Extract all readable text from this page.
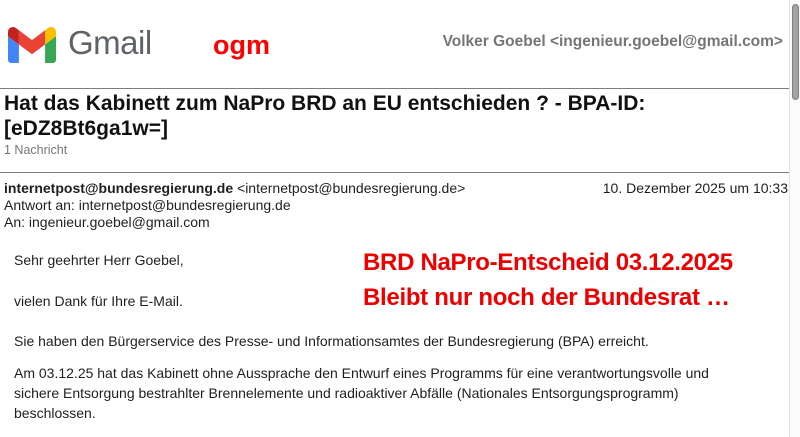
Gmail ogm	Volker Goebel <ingenieur.goebel@gmail.com>
Hat das Kabinett zum NaPro BRD an EU entschieden ? - BPA-ID: [eDZ8Bt6ga1w=]
1 Nachricht
internetpost@bundesregierung.de <internetpost@bundesregierung.de>
Antwort an: internetpost@bundesregierung.de
An: ingenieur.goebel@gmail.com
10. Dezember 2025 um 10:33

Sehr geehrter Herr Goebel,

vielen Dank für Ihre E-Mail.

Sie haben den Bürgerservice des Presse- und Informationsamtes der Bundesregierung (BPA) erreicht.

Am 03.12.25 hat das Kabinett ohne Aussprache den Entwurf eines Programms für eine verantwortungsvolle und sichere Entsorgung bestrahlter Brennelemente und radioaktiver Abfälle (Nationales Entsorgungsprogramm) beschlossen.

BRD NaPro-Entscheid 03.12.2025
Bleibt nur noch der Bundesrat …
